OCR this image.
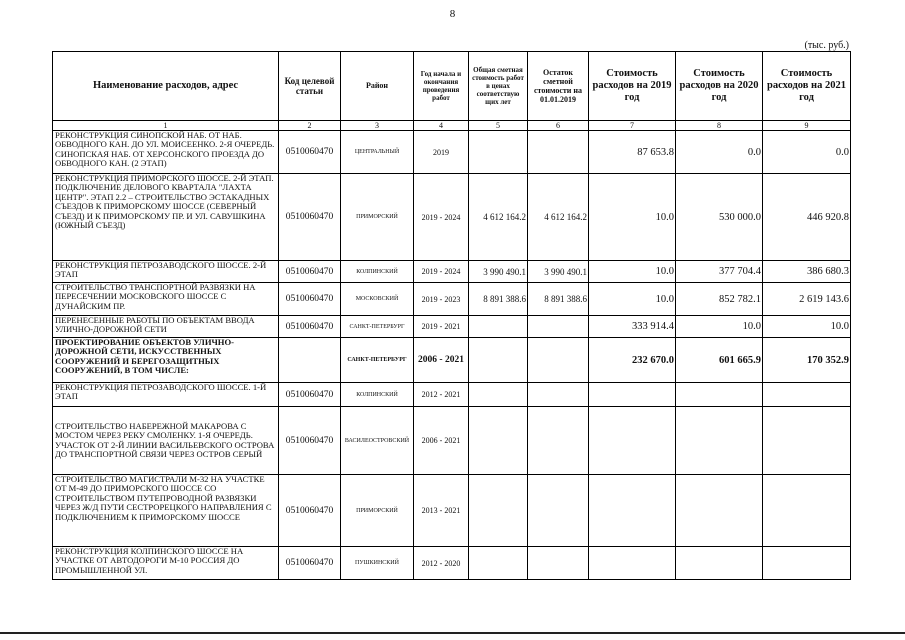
8
(тыс. руб.)
Наименование расходов, адрес	Код целевой статьи	Район	Год начала и окончания проведения работ	Общая сметная стоимость работ в ценах соответствую щих лет	Остаток сметной стоимости на 01.01.2019	Стоимость расходов на 2019 год	Стоимость расходов на 2020 год	Стоимость расходов на 2021 год
1	2	3	4	5	6	7	8	9
РЕКОНСТРУКЦИЯ СИНОПСКОЙ НАБ. ОТ НАБ. ОБВОДНОГО КАН. ДО УЛ. МОИСЕЕНКО. 2-Я ОЧЕРЕДЬ. СИНОПСКАЯ НАБ. ОТ ХЕРСОНСКОГО ПРОЕЗДА ДО ОБВОДНОГО КАН. (2 ЭТАП)	0510060470	ЦЕНТРАЛЬНЫЙ	2019			87 653.8	0.0	0.0
РЕКОНСТРУКЦИЯ ПРИМОРСКОГО ШОССЕ. 2-Й ЭТАП. ПОДКЛЮЧЕНИЕ ДЕЛОВОГО КВАРТАЛА "ЛАХТА ЦЕНТР". ЭТАП 2.2 – СТРОИТЕЛЬСТВО ЭСТАКАДНЫХ СЪЕЗДОВ К ПРИМОРСКОМУ ШОССЕ (СЕВЕРНЫЙ СЪЕЗД) И К ПРИМОРСКОМУ ПР. И УЛ. САВУШКИНА (ЮЖНЫЙ СЪЕЗД)	0510060470	ПРИМОРСКИЙ	2019 - 2024	4 612 164.2	4 612 164.2	10.0	530 000.0	446 920.8
РЕКОНСТРУКЦИЯ ПЕТРОЗАВОДСКОГО ШОССЕ. 2-Й ЭТАП	0510060470	КОЛПИНСКИЙ	2019 - 2024	3 990 490.1	3 990 490.1	10.0	377 704.4	386 680.3
СТРОИТЕЛЬСТВО ТРАНСПОРТНОЙ РАЗВЯЗКИ НА ПЕРЕСЕЧЕНИИ МОСКОВСКОГО ШОССЕ С ДУНАЙСКИМ ПР.	0510060470	МОСКОВСКИЙ	2019 - 2023	8 891 388.6	8 891 388.6	10.0	852 782.1	2 619 143.6
ПЕРЕНЕСЕННЫЕ РАБОТЫ ПО ОБЪЕКТАМ ВВОДА УЛИЧНО-ДОРОЖНОЙ СЕТИ	0510060470	САНКТ-ПЕТЕРБУРГ	2019 - 2021			333 914.4	10.0	10.0
ПРОЕКТИРОВАНИЕ ОБЪЕКТОВ УЛИЧНО-ДОРОЖНОЙ СЕТИ, ИСКУССТВЕННЫХ СООРУЖЕНИЙ И БЕРЕГОЗАЩИТНЫХ СООРУЖЕНИЙ, В ТОМ ЧИСЛЕ:		САНКТ-ПЕТЕРБУРГ	2006 - 2021			232 670.0	601 665.9	170 352.9
РЕКОНСТРУКЦИЯ ПЕТРОЗАВОДСКОГО ШОССЕ. 1-Й ЭТАП	0510060470	КОЛПИНСКИЙ	2012 - 2021					
СТРОИТЕЛЬСТВО НАБЕРЕЖНОЙ МАКАРОВА С МОСТОМ ЧЕРЕЗ РЕКУ СМОЛЕНКУ. 1-Я ОЧЕРЕДЬ. УЧАСТОК ОТ 2-Й ЛИНИИ ВАСИЛЬЕВСКОГО ОСТРОВА ДО ТРАНСПОРТНОЙ СВЯЗИ ЧЕРЕЗ ОСТРОВ СЕРЫЙ	0510060470	ВАСИЛЕОСТРОВСКИЙ	2006 - 2021					
СТРОИТЕЛЬСТВО МАГИСТРАЛИ М-32 НА УЧАСТКЕ ОТ М-49 ДО ПРИМОРСКОГО ШОССЕ СО СТРОИТЕЛЬСТВОМ ПУТЕПРОВОДНОЙ РАЗВЯЗКИ ЧЕРЕЗ Ж/Д ПУТИ СЕСТРОРЕЦКОГО НАПРАВЛЕНИЯ С ПОДКЛЮЧЕНИЕМ К ПРИМОРСКОМУ ШОССЕ	0510060470	ПРИМОРСКИЙ	2013 - 2021					
РЕКОНСТРУКЦИЯ КОЛПИНСКОГО ШОССЕ НА УЧАСТКЕ ОТ АВТОДОРОГИ М-10 РОССИЯ ДО ПРОМЫШЛЕННОЙ УЛ.	0510060470	ПУШКИНСКИЙ	2012 - 2020					
